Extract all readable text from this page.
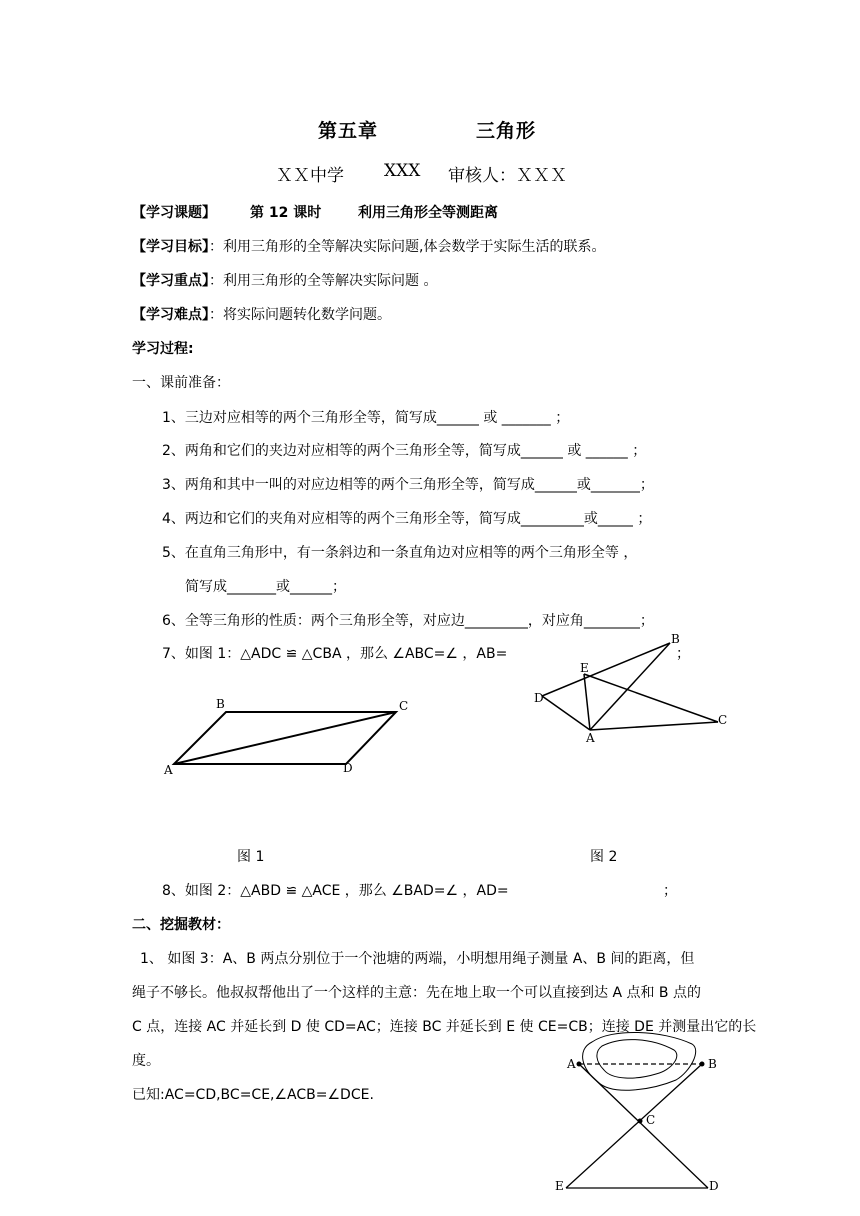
第五章	三角形
ＸＸ中学 XXX 审核人：ＸＸＸ
【学习课题】 第 12 课时	利用三角形全等测距离
【学习目标】：利用三角形的全等解决实际问题,体会数学于实际生活的联系。
【学习重点】：利用三角形的全等解决实际问题 。
【学习难点】：将实际问题转化数学问题。
学习过程:
一、课前准备：
1、三边对应相等的两个三角形全等，简写成______ 或 _______ ；
2、两角和它们的夹边对应相等的两个三角形全等，简写成______ 或 ______ ；
3、两角和其中一叫的对应边相等的两个三角形全等，简写成______或_______；
4、两边和它们的夹角对应相等的两个三角形全等，简写成_________或_____ ；
5、在直角三角形中，有一条斜边和一条直角边对应相等的两个三角形全等 ，
简写成_______或______；
6、全等三角形的性质：两个三角形全等，对应边_________，对应角________；
7、如图 1：△ADC ≌ △CBA ，那么 ∠ABC=∠ ，AB=	；
A
B	C
D
B
E
D
C
A
图 1	图 2
8、如图 2：△ABD ≌ △ACE ，那么 ∠BAD=∠ ，AD=	；
二、挖掘教材：
1、 如图 3：A、B 两点分别位于一个池塘的两端，小明想用绳子测量 A、B 间的距离，但
绳子不够长。他叔叔帮他出了一个这样的主意：先在地上取一个可以直接到达 A 点和 B 点的
C 点，连接 AC 并延长到 D 使 CD=AC；连接 BC 并延长到 E 使 CE=CB；连接 DE 并测量出它的长
度。
已知:AC=CD,BC=CE,∠ACB=∠DCE.
A	B
C
D
E
